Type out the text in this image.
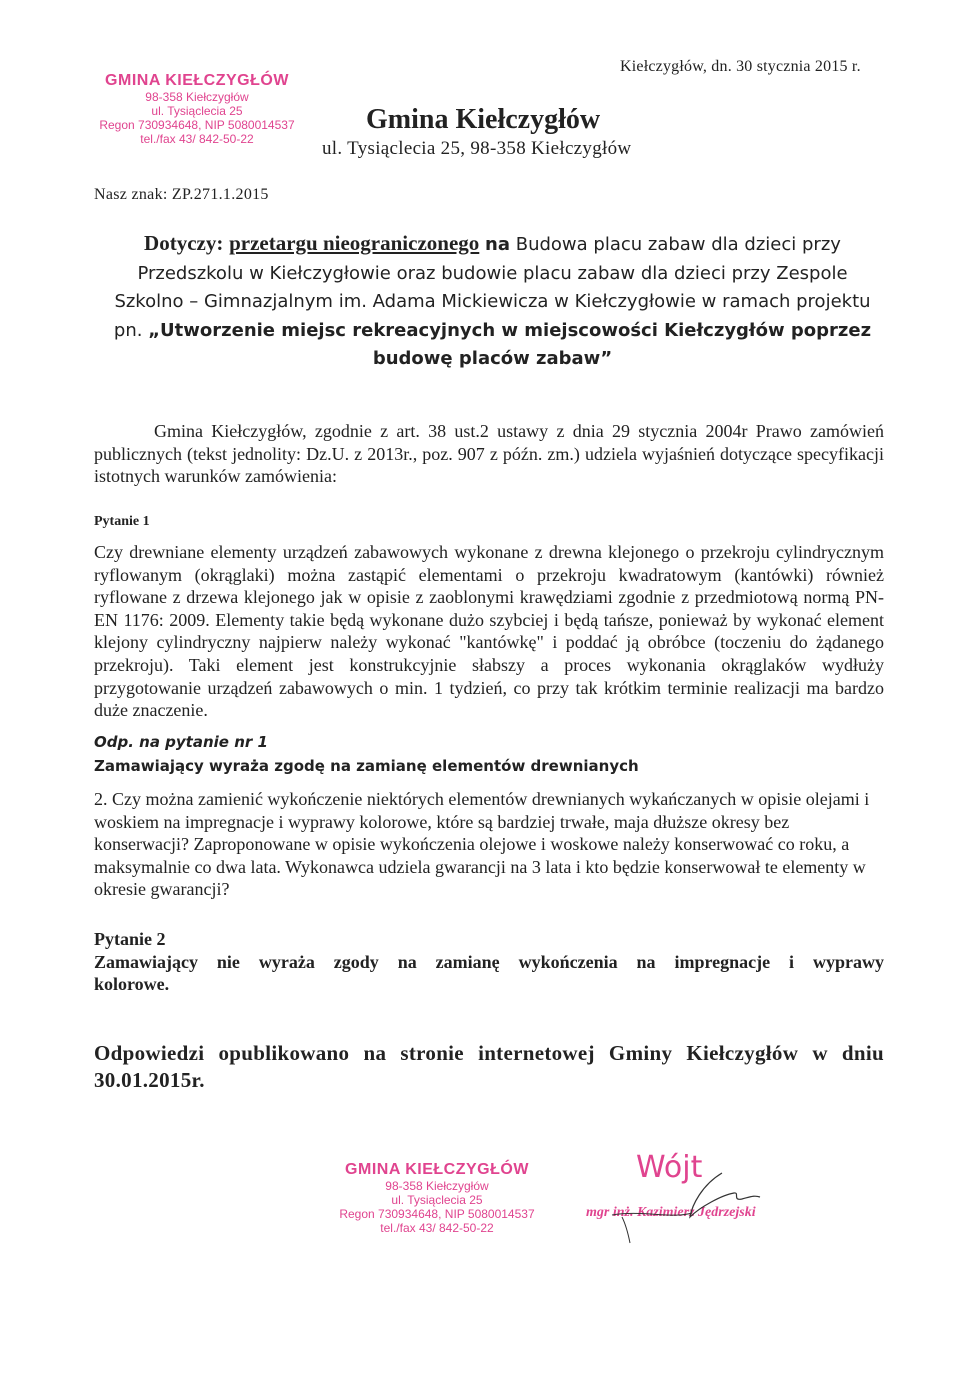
GMINA KIEŁCZYGŁÓW
98-358 Kiełczygłów
ul. Tysiąclecia 25
Regon 730934648, NIP 5080014537
tel./fax 43/ 842-50-22
Kiełczygłów, dn. 30 stycznia 2015 r.
Gmina Kiełczygłów
ul. Tysiąclecia 25, 98-358 Kiełczygłów
Nasz znak: ZP.271.1.2015
Dotyczy: przetargu nieograniczonego na Budowa placu zabaw dla dzieci przy
Przedszkolu w Kiełczygłowie oraz budowie placu zabaw dla dzieci przy Zespole
Szkolno – Gimnazjalnym im. Adama Mickiewicza w Kiełczygłowie w ramach projektu
pn. „Utworzenie miejsc rekreacyjnych w miejscowości Kiełczygłów poprzez
budowę placów zabaw”
Gmina Kiełczygłów, zgodnie z art. 38 ust.2 ustawy z dnia 29 stycznia 2004r Prawo zamówień publicznych (tekst jednolity: Dz.U. z 2013r., poz. 907 z późn. zm.) udziela wyjaśnień dotyczące specyfikacji istotnych warunków zamówienia:
Pytanie 1
Czy drewniane elementy urządzeń zabawowych wykonane z drewna klejonego o przekroju cylindrycznym ryflowanym (okrąglaki) można zastąpić elementami o przekroju kwadratowym (kantówki) również ryflowane z drzewa klejonego jak w opisie z zaoblonymi krawędziami zgodnie z przedmiotową normą PN-EN 1176: 2009. Elementy takie będą wykonane dużo szybciej i będą tańsze, ponieważ by wykonać element klejony cylindryczny najpierw należy wykonać "kantówkę" i poddać ją obróbce (toczeniu do żądanego przekroju). Taki element jest konstrukcyjnie słabszy a proces wykonania okrąglaków wydłuży przygotowanie urządzeń zabawowych o min. 1 tydzień, co przy tak krótkim terminie realizacji ma bardzo duże znaczenie.
Odp. na pytanie nr 1
Zamawiający wyraża zgodę na zamianę elementów drewnianych
2. Czy można zamienić wykończenie niektórych elementów drewnianych wykańczanych w opisie olejami i woskiem na impregnacje i wyprawy kolorowe, które są bardziej trwałe, maja dłuższe okresy bez konserwacji? Zaproponowane w opisie wykończenia olejowe i woskowe należy konserwować co roku, a maksymalnie co dwa lata. Wykonawca udziela gwarancji na 3 lata i kto będzie konserwował te elementy w okresie gwarancji?
Pytanie 2
Zamawiający nie wyraża zgody na zamianę wykończenia na impregnacje i wyprawy kolorowe.
Odpowiedzi opublikowano na stronie internetowej Gminy Kiełczygłów w dniu 30.01.2015r.
GMINA KIEŁCZYGŁÓW
98-358 Kiełczygłów
ul. Tysiąclecia 25
Regon 730934648, NIP 5080014537
tel./fax 43/ 842-50-22
Wójt
mgr inż. Kazimierz Jędrzejski
